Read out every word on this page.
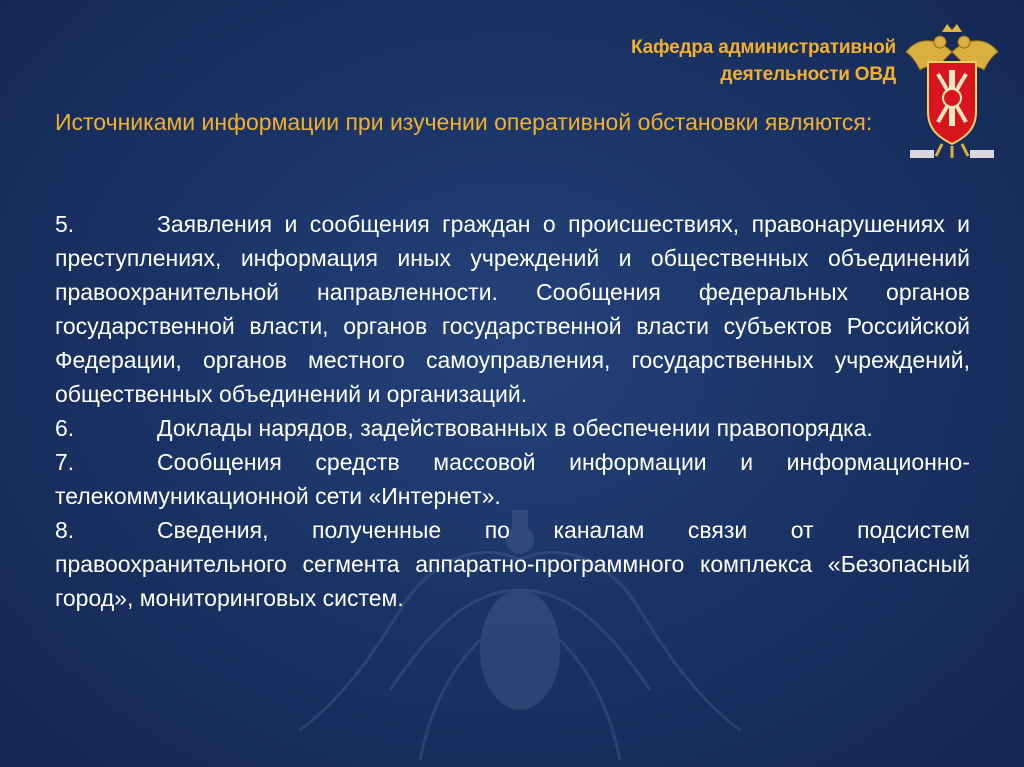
Кафедра административной
деятельности ОВД
Источниками информации при изучении оперативной обстановки являются:
5.	Заявления и сообщения граждан о происшествиях, правонарушениях и преступлениях, информация иных учреждений и общественных объединений правоохранительной направленности. Сообщения федеральных органов государственной власти, органов государственной власти субъектов Российской Федерации, органов местного самоуправления, государственных учреждений, общественных объединений и организаций.
6.	Доклады нарядов, задействованных в обеспечении правопорядка.
7.	Сообщения средств массовой информации и информационно-телекоммуникационной сети «Интернет».
8.	Сведения, полученные по каналам связи от подсистем правоохранительного сегмента аппаратно-программного комплекса «Безопасный город», мониторинговых систем.
